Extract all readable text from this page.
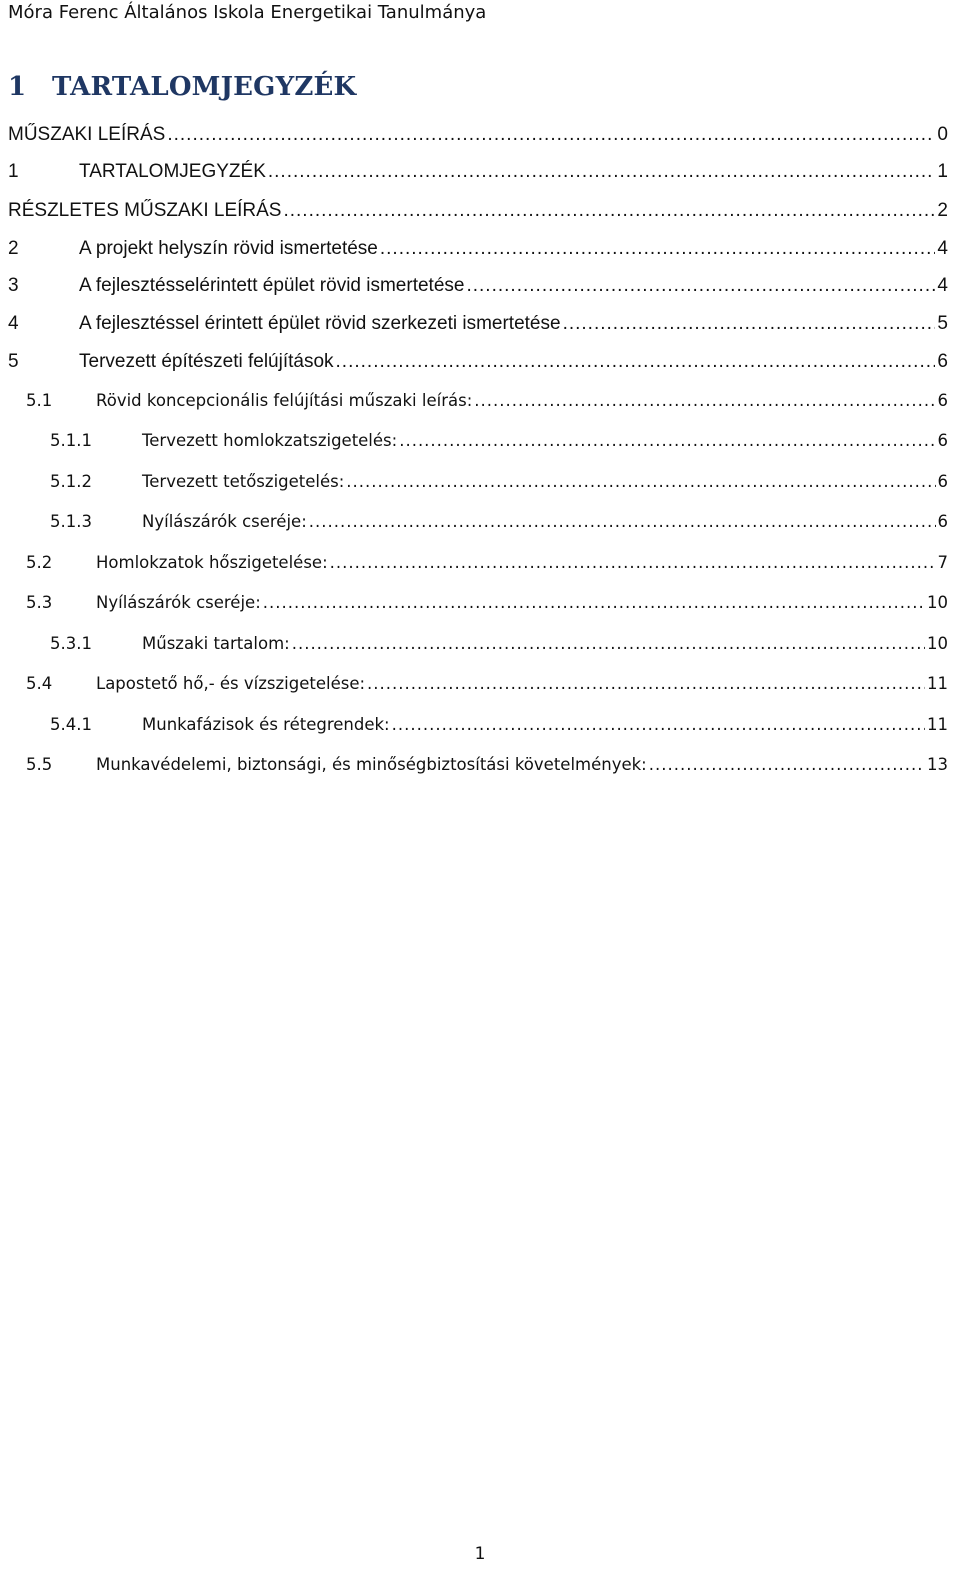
Móra Ferenc Általános Iskola Energetikai Tanulmánya
1 TARTALOMJEGYZÉK
MŰSZAKI LEÍRÁS .....	0
1	TARTALOMJEGYZÉK .....	1
RÉSZLETES MŰSZAKI LEÍRÁS .....	2
2	A projekt helyszín rövid ismertetése .....	4
3	A fejlesztésselérintett épület rövid ismertetése .....	4
4	A fejlesztéssel érintett épület rövid szerkezeti ismertetése .....	5
5	Tervezett építészeti felújítások .....	6
5.1	Rövid koncepcionális felújítási műszaki leírás: .....	6
5.1.1	Tervezett homlokzatszigetelés: .....	6
5.1.2	Tervezett tetőszigetelés: .....	6
5.1.3	Nyílászárók cseréje: .....	6
5.2	Homlokzatok hőszigetelése: .....	7
5.3	Nyílászárók cseréje: .....	10
5.3.1	Műszaki tartalom: .....	10
5.4	Lapostető hő,- és vízszigetelése: .....	11
5.4.1	Munkafázisok és rétegrendek: .....	11
5.5	Munkavédelemi, biztonsági, és minőségbiztosítási követelmények: .....	13
1
